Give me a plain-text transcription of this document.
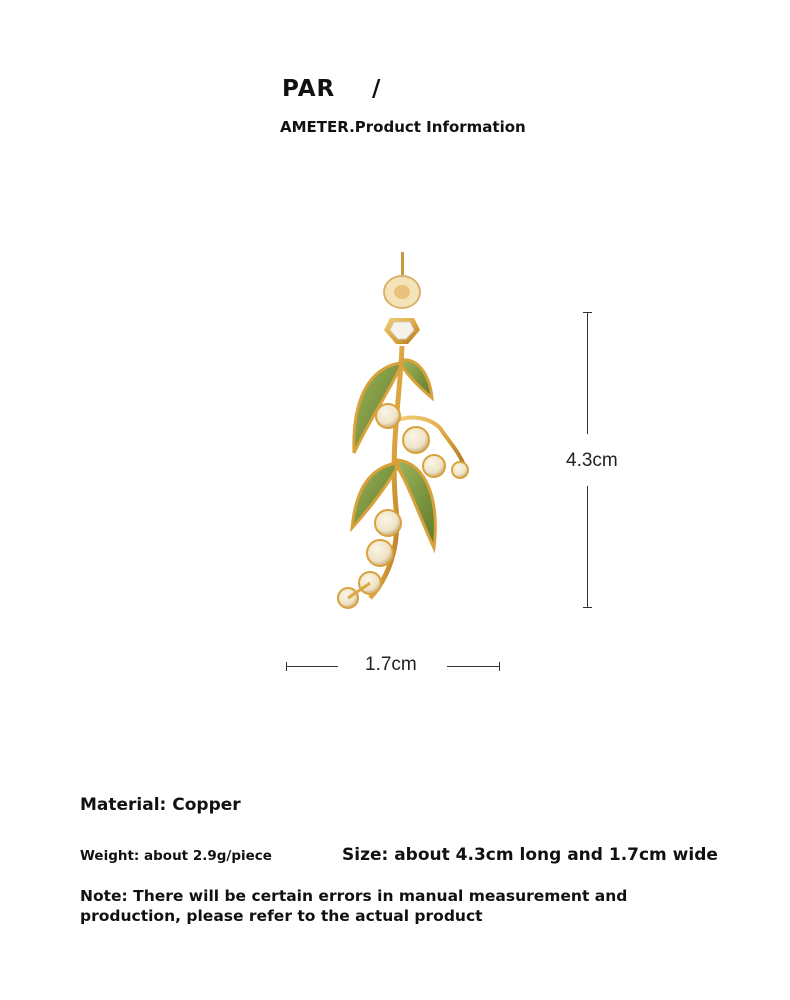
PAR /
AMETER.Product Information
4.3cm
1.7cm
Material: Copper
Weight: about 2.9g/piece	Size: about 4.3cm long and 1.7cm wide
Note: There will be certain errors in manual measurement and production, please refer to the actual product
